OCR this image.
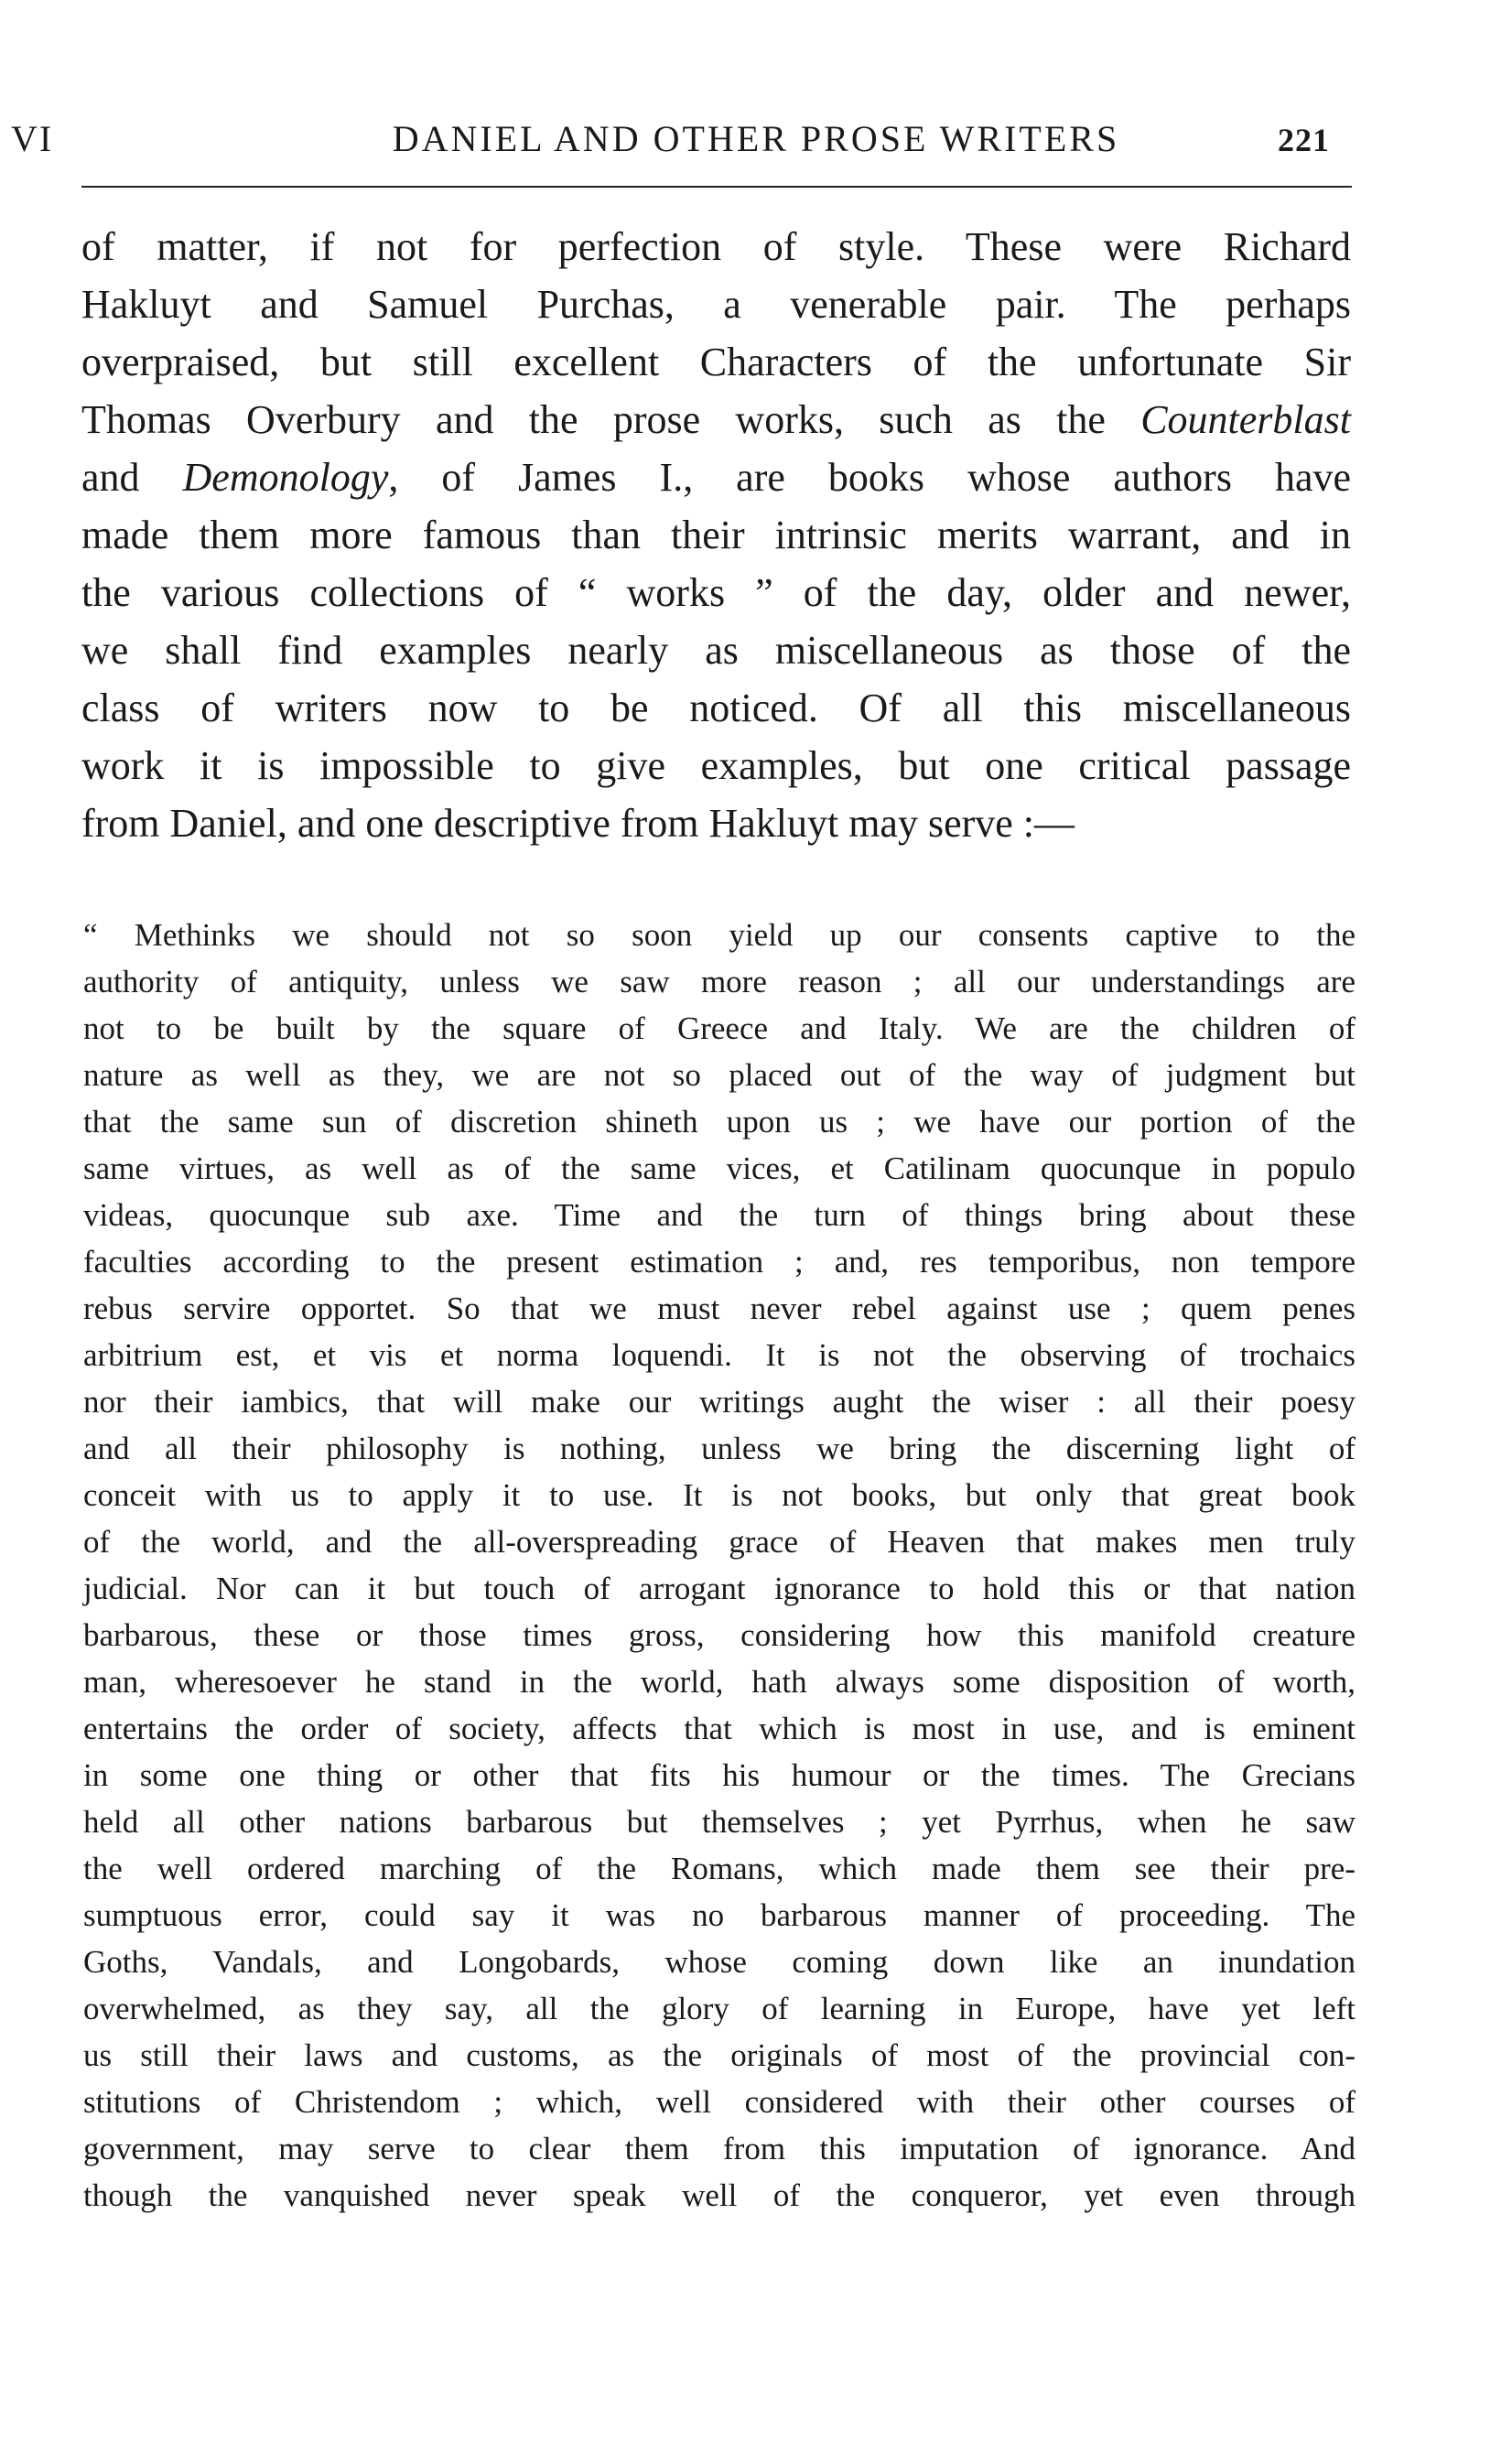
VI	DANIEL AND OTHER PROSE WRITERS	221
of matter, if not for perfection of style. These were Richard
Hakluyt and Samuel Purchas, a venerable pair. The perhaps
overpraised, but still excellent Characters of the unfortunate Sir
Thomas Overbury and the prose works, such as the Counterblast
and Demonology, of James I., are books whose authors have
made them more famous than their intrinsic merits warrant, and in
the various collections of “ works ” of the day, older and newer,
we shall find examples nearly as miscellaneous as those of the
class of writers now to be noticed. Of all this miscellaneous
work it is impossible to give examples, but one critical passage
from Daniel, and one descriptive from Hakluyt may serve :—
“ Methinks we should not so soon yield up our consents captive to the
authority of antiquity, unless we saw more reason ; all our understandings are
not to be built by the square of Greece and Italy. We are the children of
nature as well as they, we are not so placed out of the way of judgment but
that the same sun of discretion shineth upon us ; we have our portion of the
same virtues, as well as of the same vices, et Catilinam quocunque in populo
videas, quocunque sub axe. Time and the turn of things bring about these
faculties according to the present estimation ; and, res temporibus, non tempore
rebus servire opportet. So that we must never rebel against use ; quem penes
arbitrium est, et vis et norma loquendi. It is not the observing of trochaics
nor their iambics, that will make our writings aught the wiser : all their poesy
and all their philosophy is nothing, unless we bring the discerning light of
conceit with us to apply it to use. It is not books, but only that great book
of the world, and the all-overspreading grace of Heaven that makes men truly
judicial. Nor can it but touch of arrogant ignorance to hold this or that nation
barbarous, these or those times gross, considering how this manifold creature
man, wheresoever he stand in the world, hath always some disposition of worth,
entertains the order of society, affects that which is most in use, and is eminent
in some one thing or other that fits his humour or the times. The Grecians
held all other nations barbarous but themselves ; yet Pyrrhus, when he saw
the well ordered marching of the Romans, which made them see their pre-
sumptuous error, could say it was no barbarous manner of proceeding. The
Goths, Vandals, and Longobards, whose coming down like an inundation
overwhelmed, as they say, all the glory of learning in Europe, have yet left
us still their laws and customs, as the originals of most of the provincial con-
stitutions of Christendom ; which, well considered with their other courses of
government, may serve to clear them from this imputation of ignorance. And
though the vanquished never speak well of the conqueror, yet even through
